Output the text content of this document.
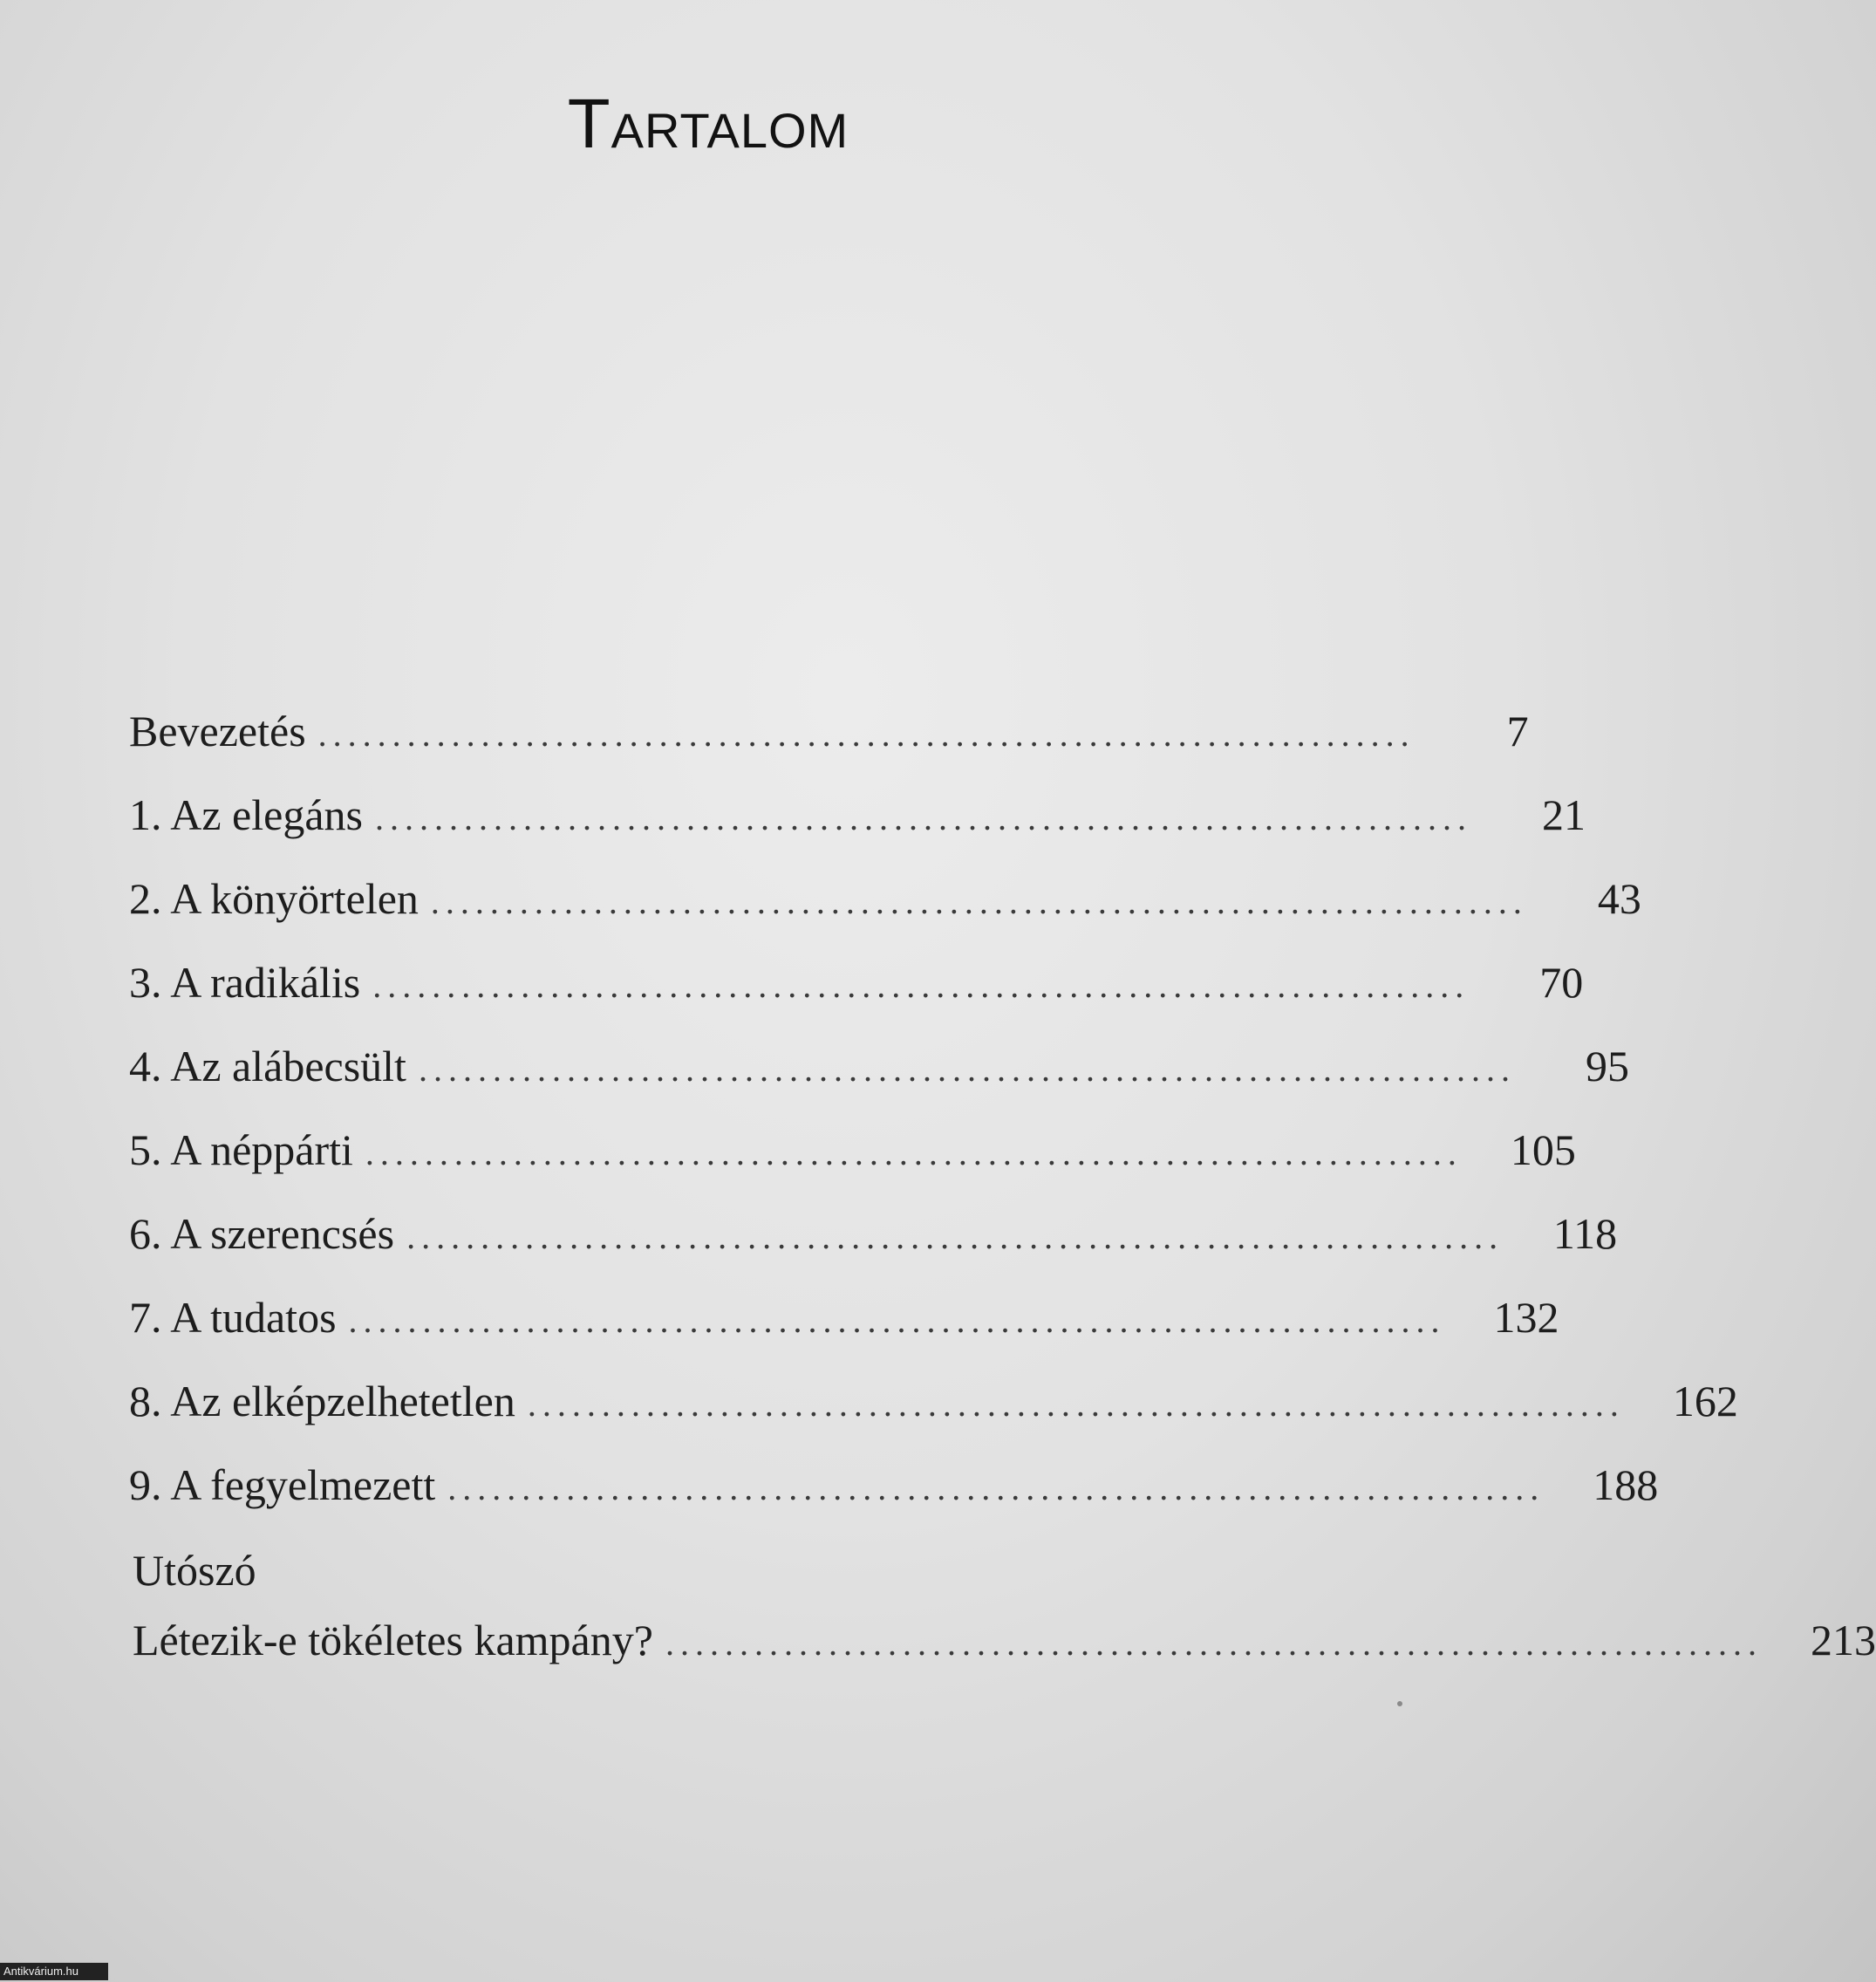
Tartalom
Bevezetés ..........................................................................	7
1. Az elegáns ..........................................................................	21
2. A könyörtelen ..........................................................................	43
3. A radikális ..........................................................................	70
4. Az alábecsült ..........................................................................	95
5. A néppárti ..........................................................................	105
6. A szerencsés ..........................................................................	118
7. A tudatos ..........................................................................	132
8. Az elképzelhetetlen ..........................................................................	162
9. A fegyelmezett ..........................................................................	188
Utószó
Létezik-e tökéletes kampány? ..........................................................................	213
Antikvárium.hu
